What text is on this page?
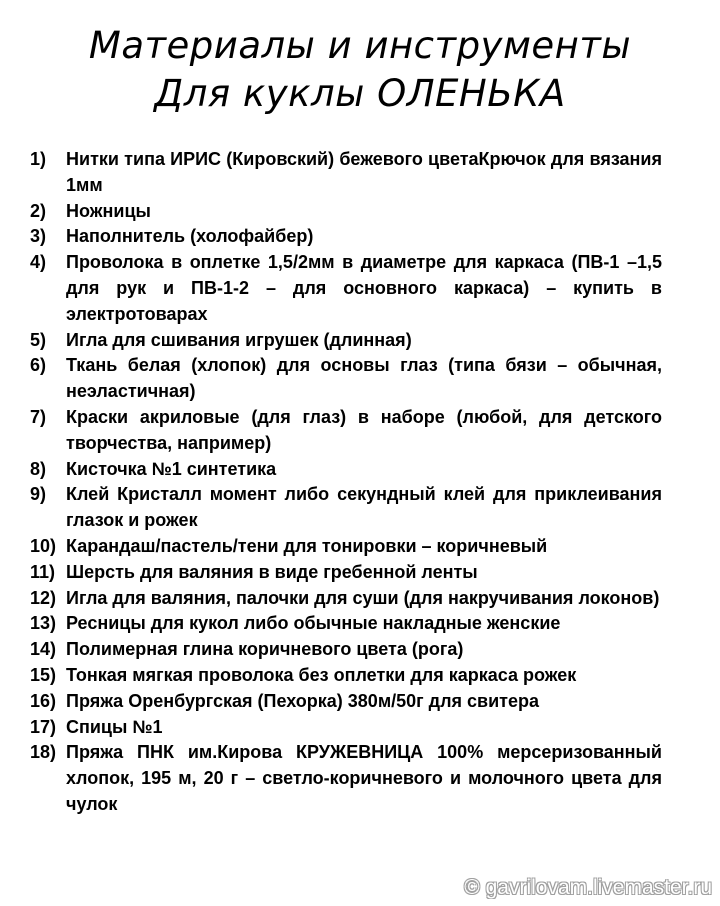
Материалы и инструменты
Для куклы ОЛЕНЬКА
1) Нитки типа ИРИС (Кировский) бежевого цветаКрючок для вязания 1мм
2) Ножницы
3) Наполнитель (холофайбер)
4) Проволока в оплетке 1,5/2мм в диаметре для каркаса (ПВ-1 –1,5 для рук и ПВ-1-2 – для основного каркаса) – купить в электротоварах
5) Игла для сшивания игрушек (длинная)
6) Ткань белая (хлопок) для основы глаз (типа бязи – обычная, неэластичная)
7) Краски акриловые (для глаз) в наборе (любой, для детского творчества, например)
8) Кисточка №1 синтетика
9) Клей Кристалл момент либо секундный клей для приклеивания глазок и рожек
10) Карандаш/пастель/тени для тонировки – коричневый
11) Шерсть для валяния в виде гребенной ленты
12) Игла для валяния, палочки для суши (для накручивания локонов)
13) Ресницы для кукол либо обычные накладные женские
14) Полимерная глина коричневого цвета (рога)
15) Тонкая мягкая проволока без оплетки для каркаса рожек
16) Пряжа Оренбургская (Пехорка) 380м/50г для свитера
17) Спицы №1
18) Пряжа ПНК им.Кирова КРУЖЕВНИЦА 100% мерсеризованный хлопок, 195 м, 20 г – светло-коричневого и молочного цвета для чулок
© gavrilovam.livemaster.ru
